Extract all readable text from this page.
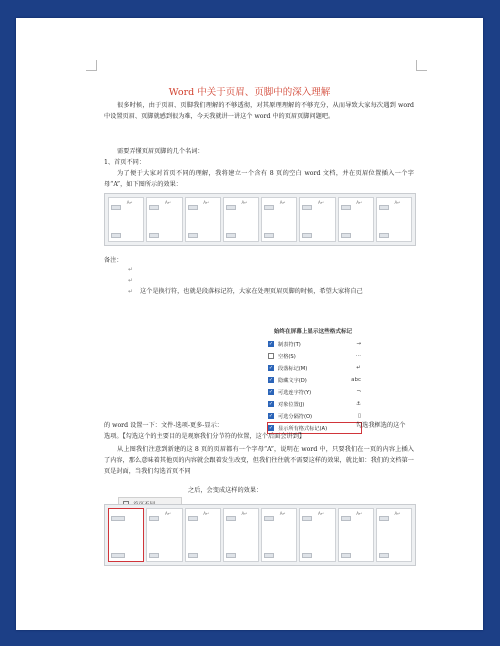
Word 中关于页眉、页脚中的深入理解
很多时候，由于页眉、页脚我们理解的不够透彻，对其原理理解的不够充分，从而导致大家每次遇到 word 中设置页眉、页脚就感到很为难，今天我就讲一讲这个 word 中的页眉页脚问题吧。
需要弄懂页眉页脚的几个名词：
1、首页不同：
为了便于大家对首页不同的理解，我将建立一个含有 8 页的空白 word 文档，并在页眉位置插入一个字母“A”，如下图所示的效果：
A↵	A↵	A↵	A↵	A↵	A↵	A↵	A↵
备注：
↵
↵
↵ 这个是换行符，也就是段落标记符，大家在处理页眉页脚的时候，希望大家将自己
始终在屏幕上显示这些格式标记
✓ 制表符(T)	→
空格(S)	···
✓ 段落标记(M)	↵
✓ 隐藏文字(D)	abc
✓ 可选连字符(Y)	¬
✓ 对象位置(J)	⚓
✓ 可选分隔符(O)	▯
✓ 显示所有格式标记(A)
的 word 设置一下：文件-选项-更多-显示：	勾选我框选的这个
选项。【勾选这个的主要目的是观察我们分节符的位置，这个后面会讲到】
从上图我们注意到新建的这 8 页的页眉都有一个字母“A”，说明在 word 中，只要我们在一页的内容上插入了内容，那么意味着其他页的内容就会跟着发生改变，但我们往往就不需要这样的效果，就比如：我们的文档第一页是封面，当我们勾选首页不同
之后，会变成这样的效果：
A↵	A↵	A↵	A↵	A↵	A↵	A↵
